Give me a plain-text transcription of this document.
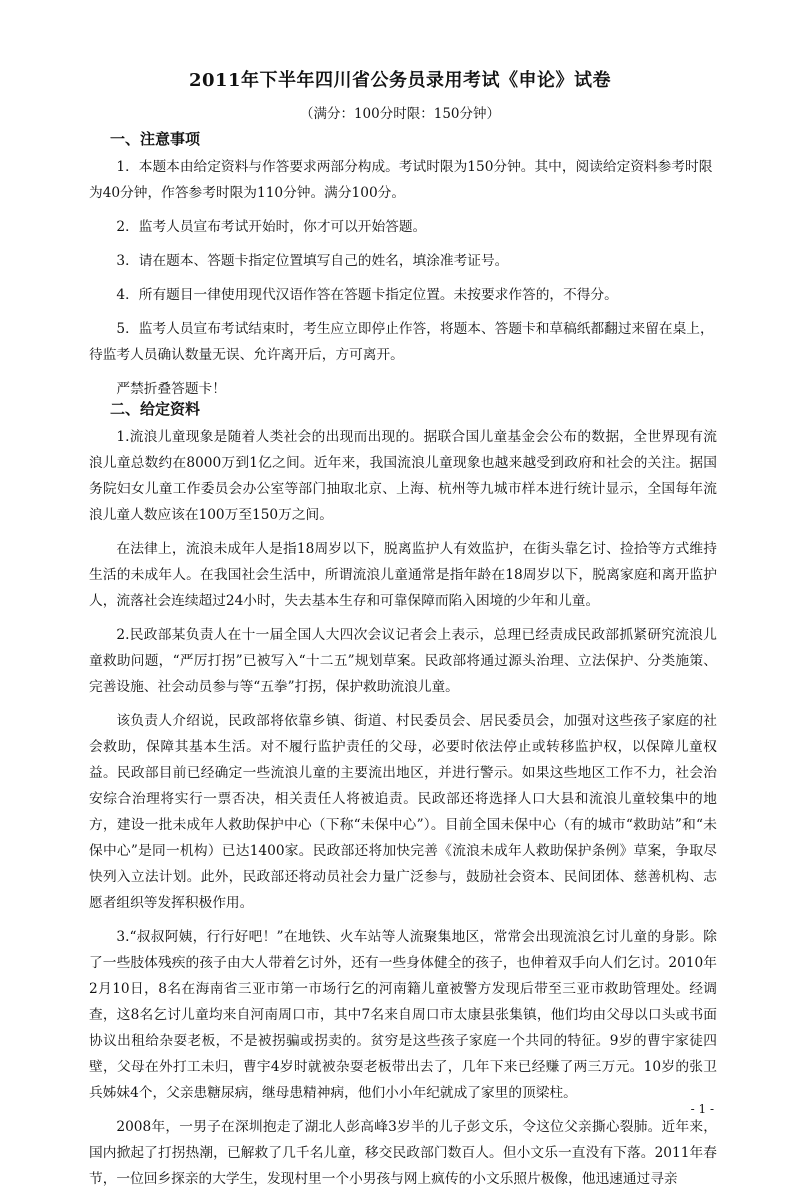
2011年下半年四川省公务员录用考试《申论》试卷
（满分：100分时限：150分钟）
一、注意事项

1．本题本由给定资料与作答要求两部分构成。考试时限为150分钟。其中，阅读给定资料参考时限为40分钟，作答参考时限为110分钟。满分100分。

2．监考人员宣布考试开始时，你才可以开始答题。

3．请在题本、答题卡指定位置填写自己的姓名，填涂准考证号。

4．所有题目一律使用现代汉语作答在答题卡指定位置。未按要求作答的，不得分。

5．监考人员宣布考试结束时，考生应立即停止作答，将题本、答题卡和草稿纸都翻过来留在桌上，待监考人员确认数量无误、允许离开后，方可离开。

严禁折叠答题卡！

二、给定资料

1.流浪儿童现象是随着人类社会的出现而出现的。据联合国儿童基金会公布的数据，全世界现有流浪儿童总数约在8000万到1亿之间。近年来，我国流浪儿童现象也越来越受到政府和社会的关注。据国务院妇女儿童工作委员会办公室等部门抽取北京、上海、杭州等九城市样本进行统计显示，全国每年流浪儿童人数应该在100万至150万之间。

在法律上，流浪未成年人是指18周岁以下，脱离监护人有效监护，在街头靠乞讨、捡拾等方式维持生活的未成年人。在我国社会生活中，所谓流浪儿童通常是指年龄在18周岁以下，脱离家庭和离开监护人，流落社会连续超过24小时，失去基本生存和可靠保障而陷入困境的少年和儿童。

2.民政部某负责人在十一届全国人大四次会议记者会上表示，总理已经责成民政部抓紧研究流浪儿童救助问题，“严厉打拐”已被写入“十二五”规划草案。民政部将通过源头治理、立法保护、分类施策、完善设施、社会动员参与等“五拳”打拐，保护救助流浪儿童。

该负责人介绍说，民政部将依靠乡镇、街道、村民委员会、居民委员会，加强对这些孩子家庭的社会救助，保障其基本生活。对不履行监护责任的父母，必要时依法停止或转移监护权，以保障儿童权益。民政部目前已经确定一些流浪儿童的主要流出地区，并进行警示。如果这些地区工作不力，社会治安综合治理将实行一票否决，相关责任人将被追责。民政部还将选择人口大县和流浪儿童较集中的地方，建设一批未成年人救助保护中心（下称“未保中心”）。目前全国未保中心（有的城市“救助站”和“未保中心”是同一机构）已达1400家。民政部还将加快完善《流浪未成年人救助保护条例》草案，争取尽快列入立法计划。此外，民政部还将动员社会力量广泛参与，鼓励社会资本、民间团体、慈善机构、志愿者组织等发挥积极作用。

3.“叔叔阿姨，行行好吧！”在地铁、火车站等人流聚集地区，常常会出现流浪乞讨儿童的身影。除了一些肢体残疾的孩子由大人带着乞讨外，还有一些身体健全的孩子，也伸着双手向人们乞讨。2010年2月10日，8名在海南省三亚市第一市场行乞的河南籍儿童被警方发现后带至三亚市救助管理处。经调查，这8名乞讨儿童均来自河南周口市，其中7名来自周口市太康县张集镇，他们均由父母以口头或书面协议出租给杂耍老板，不是被拐骗或拐卖的。贫穷是这些孩子家庭一个共同的特征。9岁的曹宇家徒四壁，父母在外打工未归，曹宇4岁时就被杂耍老板带出去了，几年下来已经赚了两三万元。10岁的张卫兵姊妹4个，父亲患糖尿病，继母患精神病，他们小小年纪就成了家里的顶梁柱。

2008年，一男子在深圳抱走了湖北人彭高峰3岁半的儿子彭文乐，令这位父亲撕心裂肺。近年来，国内掀起了打拐热潮，已解救了几千名儿童，移交民政部门数百人。但小文乐一直没有下落。2011年春节，一位回乡探亲的大学生，发现村里一个小男孩与网上疯传的小文乐照片极像，他迅速通过寻亲

- 1 -
